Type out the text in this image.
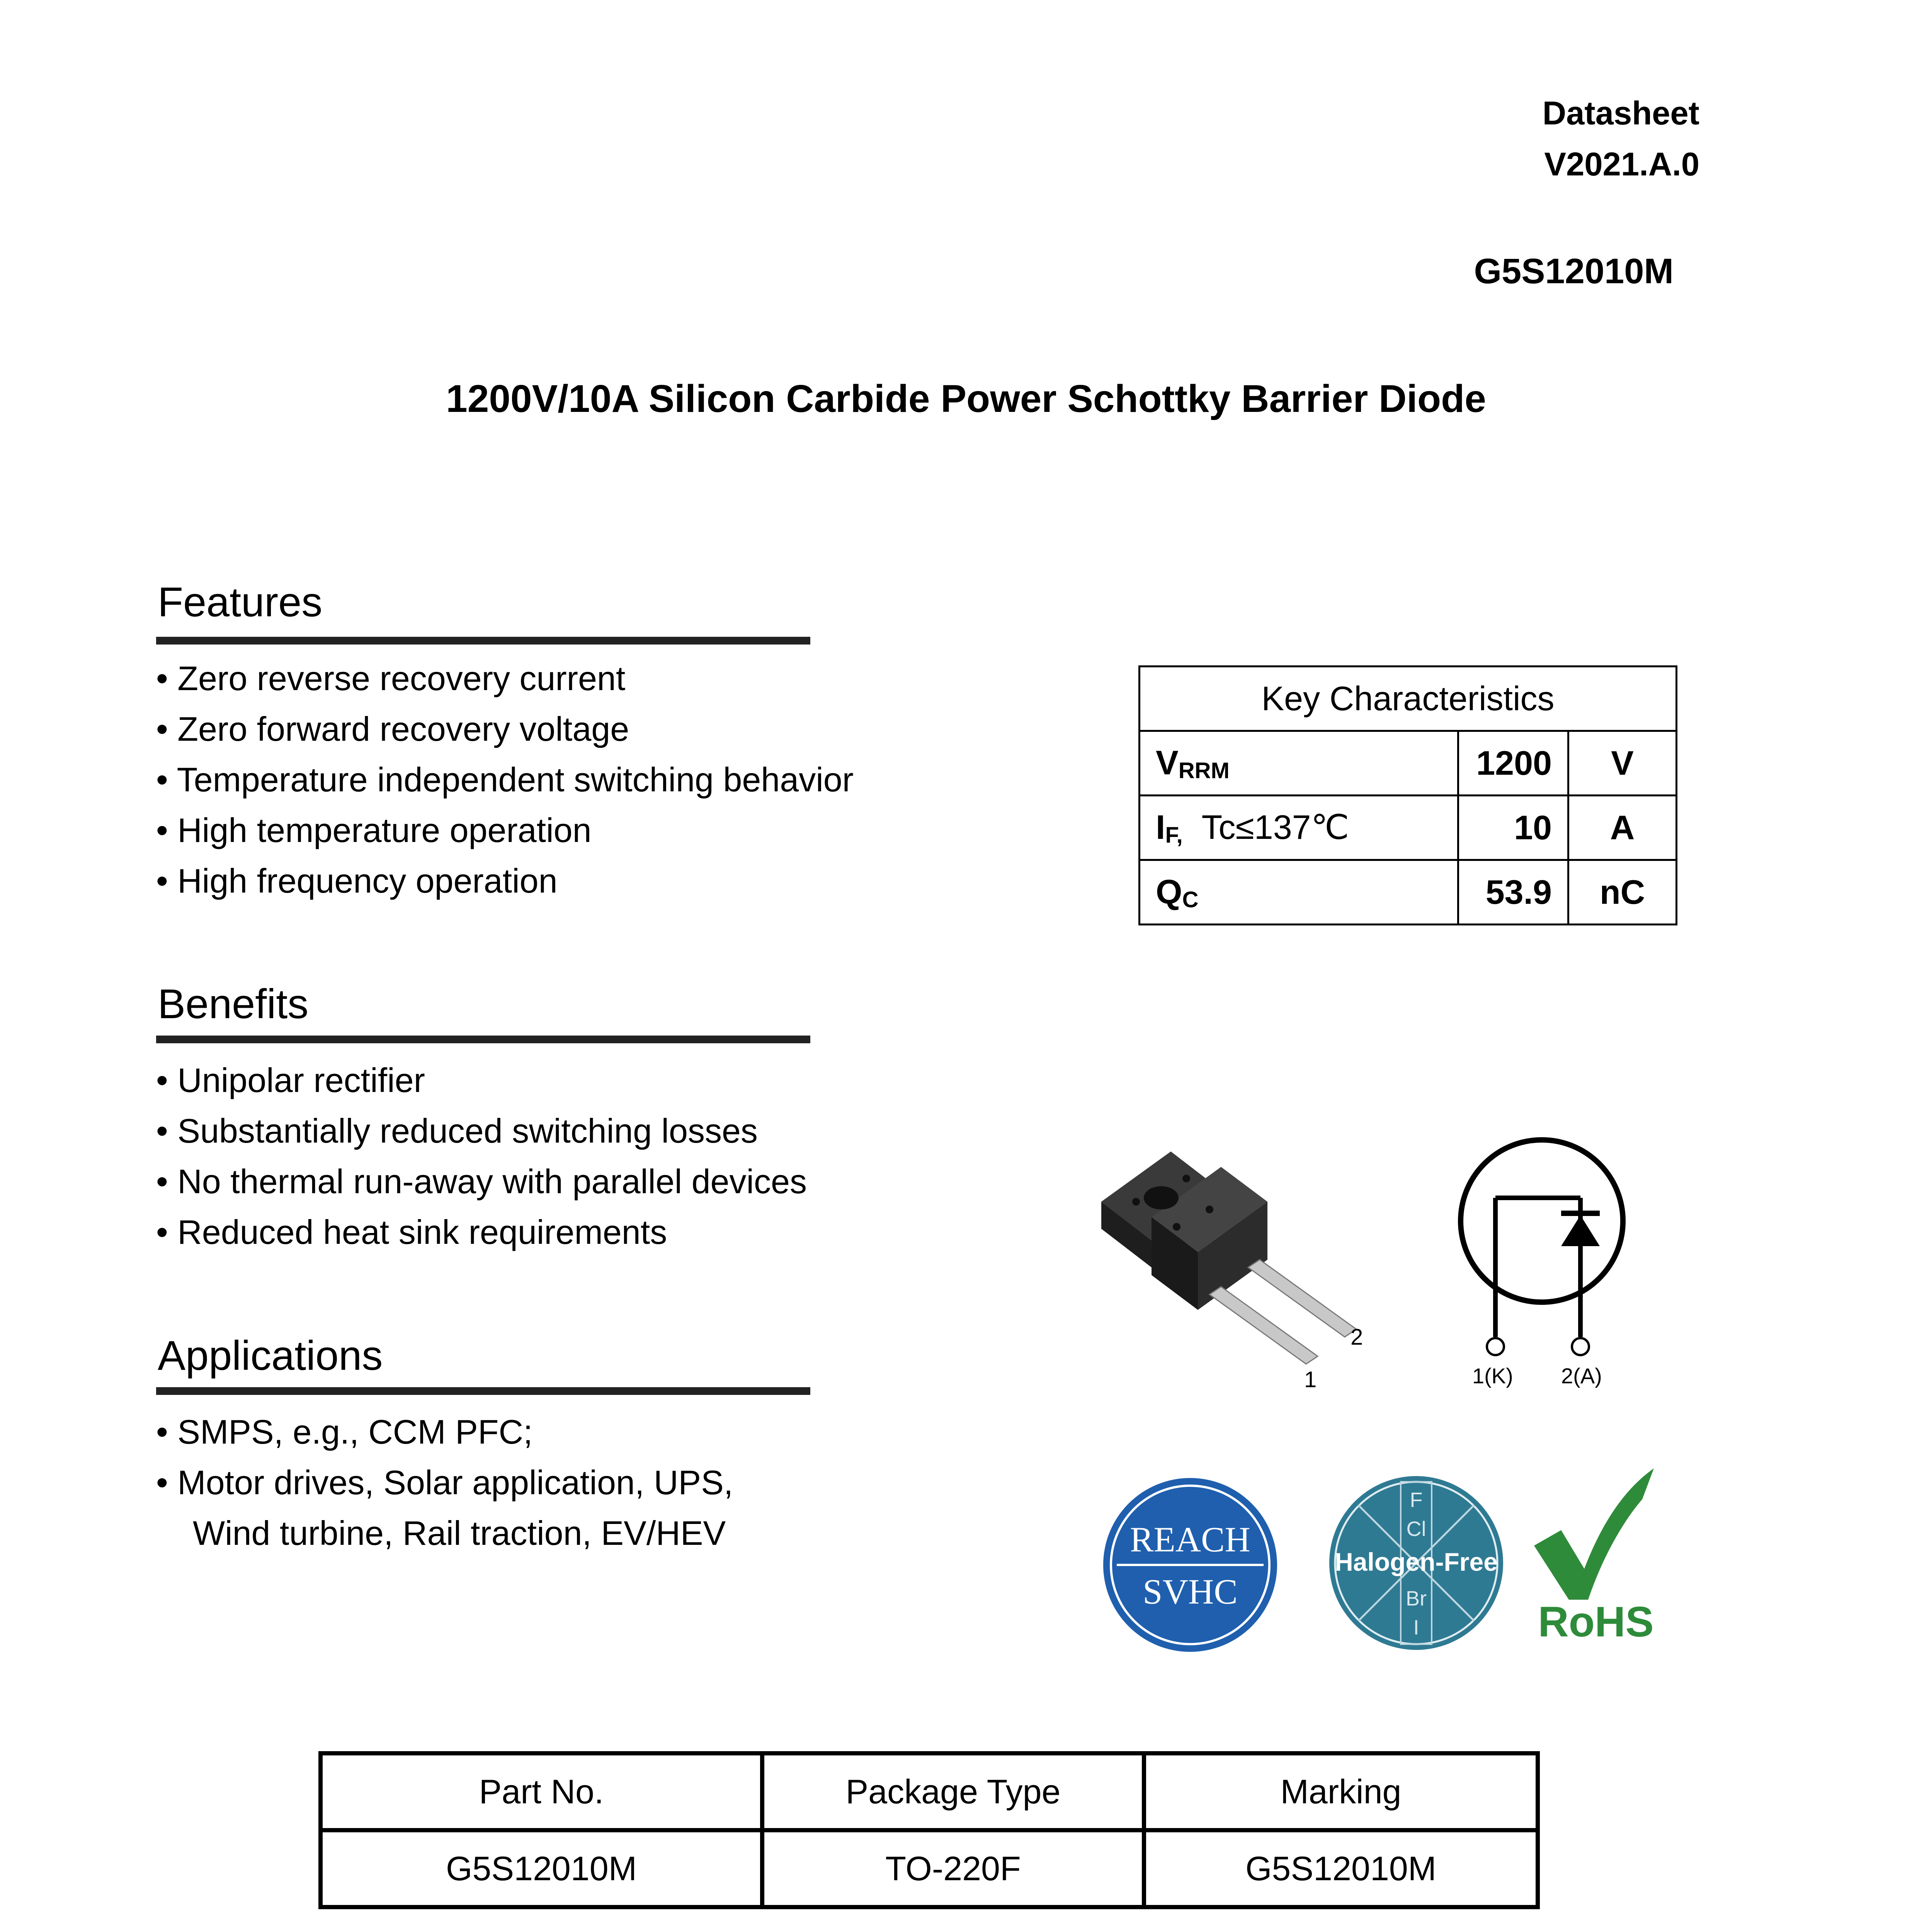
Datasheet
V2021.A.0
G5S12010M
1200V/10A Silicon Carbide Power Schottky Barrier Diode
Features
• Zero reverse recovery current
• Zero forward recovery voltage
• Temperature independent switching behavior
• High temperature operation
• High frequency operation
Key Characteristics		
$V_{RRM}$	1200	V
$I_{F,}$ Tc≤137℃	10	A
$Q_C$	53.9	nC
Benefits
• Unipolar rectifier
• Substantially reduced switching losses
• No thermal run-away with parallel devices
• Reduced heat sink requirements
1
2
1(K) 2(A)
Applications
• SMPS, e.g., CCM PFC;
• Motor drives, Solar application, UPS,
Wind turbine, Rail traction, EV/HEV	REACH
SVHC
F
Cl
Br
I
Halogen-Free
RoHS
Part No.	Package Type	Marking
G5S12010M	TO-220F	G5S12010M
